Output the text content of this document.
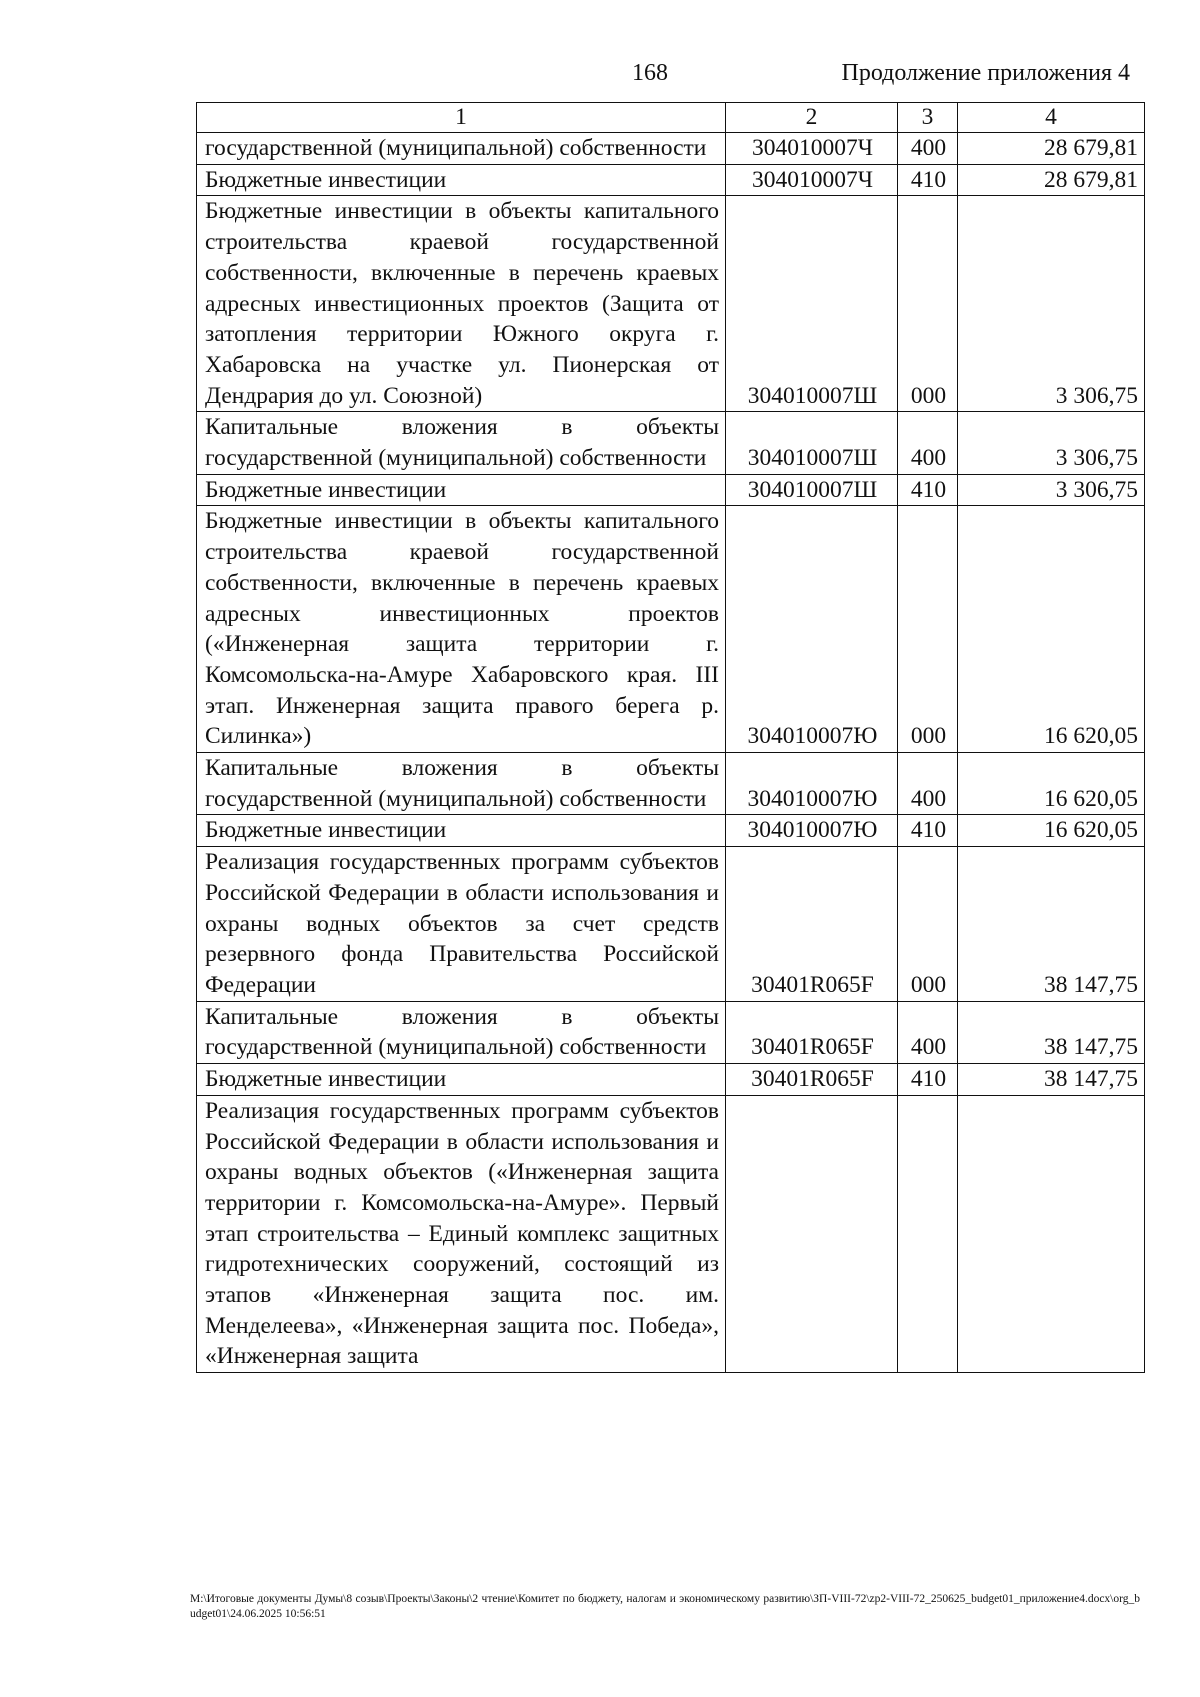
168	Продолжение приложения 4
1	2	3	4
государственной (муниципальной) собственности	304010007Ч	400	28 679,81
Бюджетные инвестиции	304010007Ч	410	28 679,81
Бюджетные инвестиции в объекты капитального строительства краевой государственной собственности, включенные в перечень краевых адресных инвестиционных проектов (Защита от затопления территории Южного округа г. Хабаровска на участке ул. Пионерская от Дендрария до ул. Союзной)	304010007Ш	000	3 306,75
Капитальные вложения в объекты государственной (муниципальной) собственности	304010007Ш	400	3 306,75
Бюджетные инвестиции	304010007Ш	410	3 306,75
Бюджетные инвестиции в объекты капитального строительства краевой государственной собственности, включенные в перечень краевых адресных инвестиционных проектов («Инженерная защита территории г. Комсомольска-на-Амуре Хабаровского края. III этап. Инженерная защита правого берега р. Силинка»)	304010007Ю	000	16 620,05
Капитальные вложения в объекты государственной (муниципальной) собственности	304010007Ю	400	16 620,05
Бюджетные инвестиции	304010007Ю	410	16 620,05
Реализация государственных программ субъектов Российской Федерации в области использования и охраны водных объектов за счет средств резервного фонда Правительства Российской Федерации	30401R065F	000	38 147,75
Капитальные вложения в объекты государственной (муниципальной) собственности	30401R065F	400	38 147,75
Бюджетные инвестиции	30401R065F	410	38 147,75
Реализация государственных программ субъектов Российской Федерации в области использования и охраны водных объектов («Инженерная защита территории г. Комсомольска-на-Амуре». Первый этап строительства – Единый комплекс защитных гидротехнических сооружений, состоящий из этапов «Инженерная защита пос. им. Менделеева», «Инженерная защита пос. Победа», «Инженерная защита			
M:\Итоговые документы Думы\8 созыв\Проекты\Законы\2 чтение\Комитет по бюджету, налогам и экономическому развитию\ЗП-VIII-72\zp2-VIII-72_250625_budget01_приложение4.docx\org_budget01\24.06.2025 10:56:51
